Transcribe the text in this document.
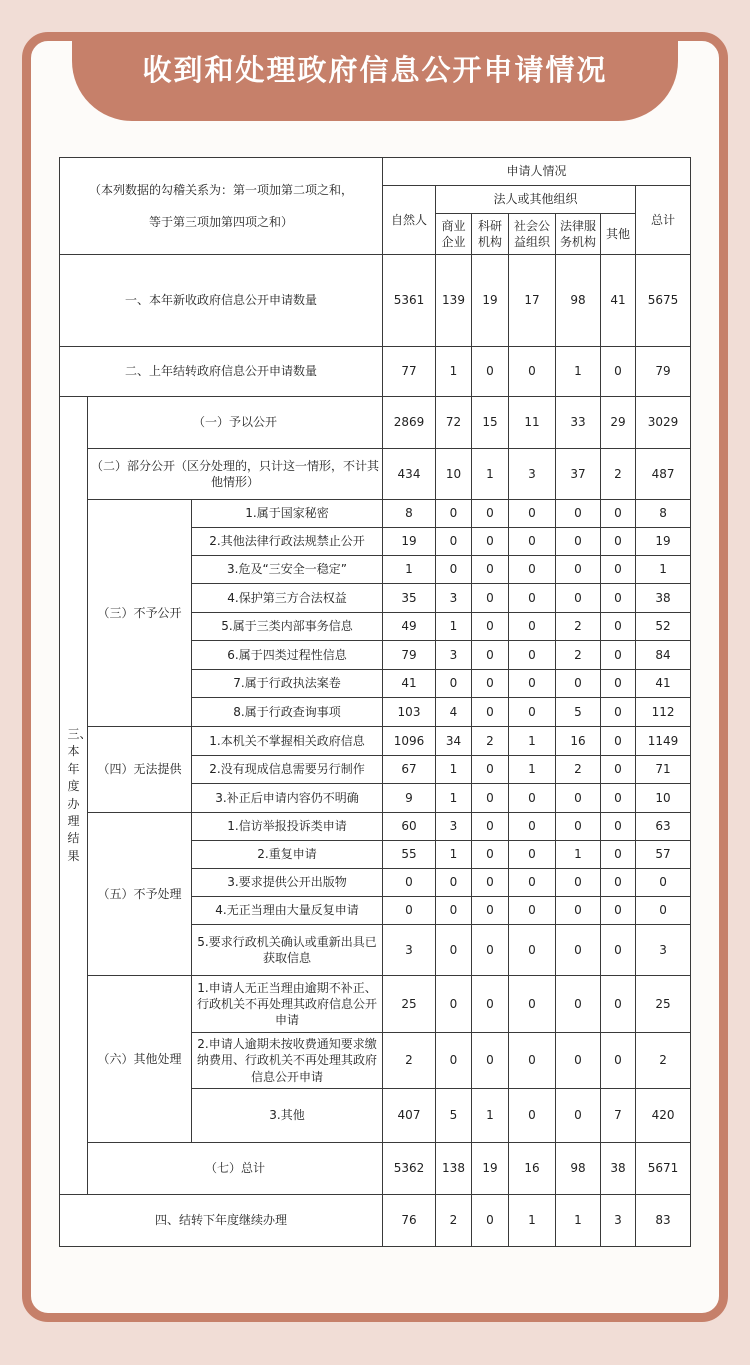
收到和处理政府信息公开申请情况
（本列数据的勾稽关系为：第一项加第二项之和，
等于第三项加第四项之和）			申请人情况						
			自然人	法人或其他组织					总计
				商业企业	科研机构	社会公益组织	法律服务机构	其他	
一、本年新收政府信息公开申请数量			5361	139	19	17	98	41	5675
二、上年结转政府信息公开申请数量			77	1	0	0	1	0	79

三、本年度办理结果	（一）予以公开		2869	72	15	11	33	29	3029
	（二）部分公开（区分处理的，只计这一情形，不计其他情形）		434	10	1	3	37	2	487
	（三）不予公开	1.属于国家秘密	8	0	0	0	0	0	8
		2.其他法律行政法规禁止公开	19	0	0	0	0	0	19
		3.危及“三安全一稳定”	1	0	0	0	0	0	1
		4.保护第三方合法权益	35	3	0	0	0	0	38
		5.属于三类内部事务信息	49	1	0	0	2	0	52
		6.属于四类过程性信息	79	3	0	0	2	0	84
		7.属于行政执法案卷	41	0	0	0	0	0	41
		8.属于行政查询事项	103	4	0	0	5	0	112
	（四）无法提供	1.本机关不掌握相关政府信息	1096	34	2	1	16	0	1149
		2.没有现成信息需要另行制作	67	1	0	1	2	0	71
		3.补正后申请内容仍不明确	9	1	0	0	0	0	10
	（五）不予处理	1.信访举报投诉类申请	60	3	0	0	0	0	63
		2.重复申请	55	1	0	0	1	0	57
		3.要求提供公开出版物	0	0	0	0	0	0	0
		4.无正当理由大量反复申请	0	0	0	0	0	0	0
		5.要求行政机关确认或重新出具已获取信息	3	0	0	0	0	0	3
	（六）其他处理	1.申请人无正当理由逾期不补正、行政机关不再处理其政府信息公开申请	25	0	0	0	0	0	25
		2.申请人逾期未按收费通知要求缴纳费用、行政机关不再处理其政府信息公开申请	2	0	0	0	0	0	2
		3.其他	407	5	1	0	0	7	420
	（七）总计		5362	138	19	16	98	38	5671
四、结转下年度继续办理			76	2	0	1	1	3	83
